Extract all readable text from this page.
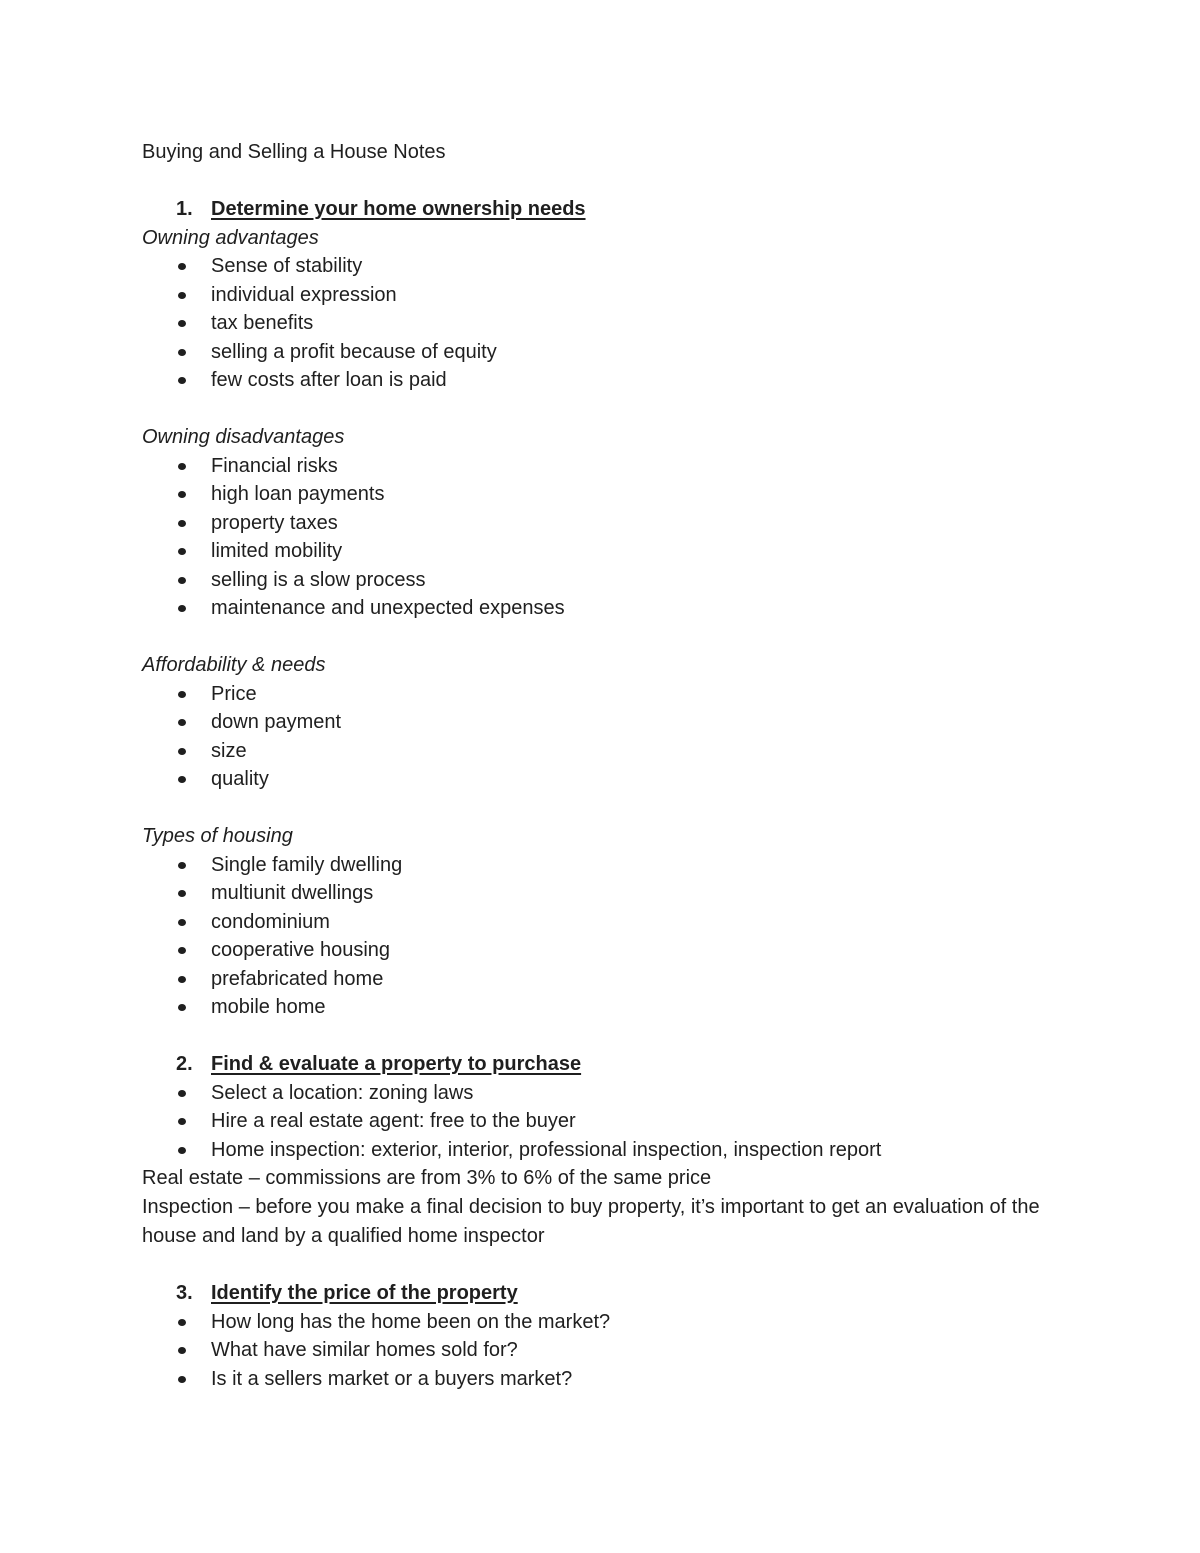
Buying and Selling a House Notes
1. Determine your home ownership needs
Owning advantages
Sense of stability
individual expression
tax benefits
selling a profit because of equity
few costs after loan is paid
Owning disadvantages
Financial risks
high loan payments
property taxes
limited mobility
selling is a slow process
maintenance and unexpected expenses
Affordability & needs
Price
down payment
size
quality
Types of housing
Single family dwelling
multiunit dwellings
condominium
cooperative housing
prefabricated home
mobile home
2. Find & evaluate a property to purchase
Select a location: zoning laws
Hire a real estate agent: free to the buyer
Home inspection: exterior, interior, professional inspection, inspection report
Real estate – commissions are from 3% to 6% of the same price
Inspection – before you make a final decision to buy property, it’s important to get an evaluation of the house and land by a qualified home inspector
3. Identify the price of the property
How long has the home been on the market?
What have similar homes sold for?
Is it a sellers market or a buyers market?
